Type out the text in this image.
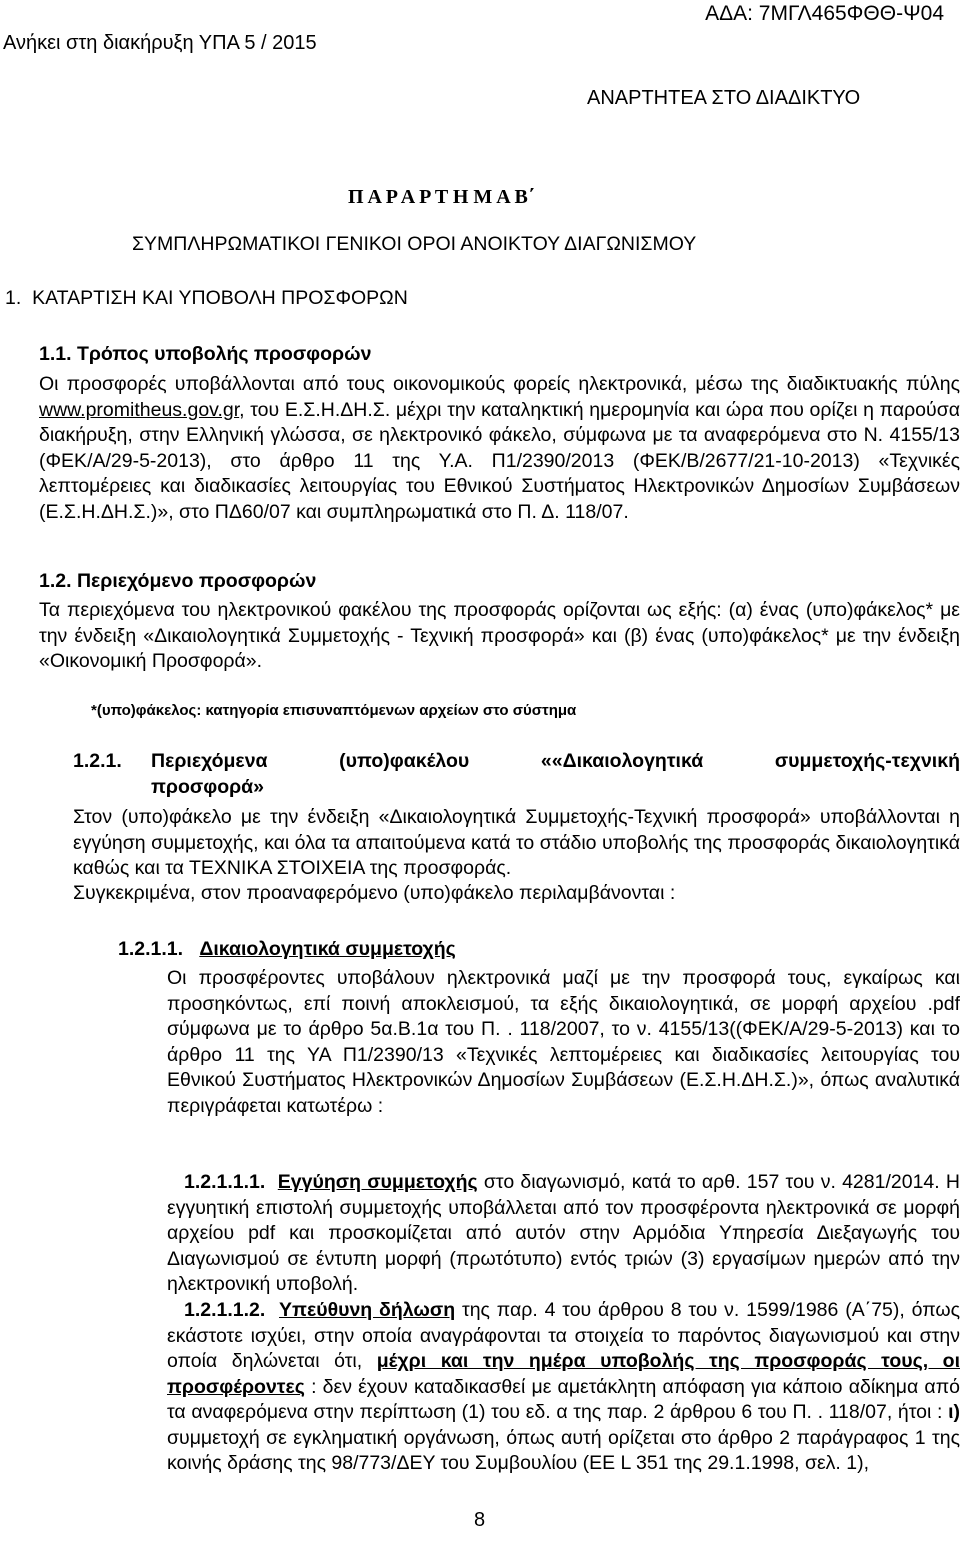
Ανήκει στη διακήρυξη ΥΠΑ 5 / 2015
ΑΔΑ: 7ΜΓΛ465ΦΘΘ-Ψ04
ΑΝΑΡΤΗΤΕΑ ΣΤΟ ΔΙΑΔΙΚΤΥΟ
Π Α Ρ Α Ρ Τ Η Μ Α Β΄
ΣΥΜΠΛΗΡΩΜΑΤΙΚΟΙ ΓΕΝΙΚΟΙ ΟΡΟΙ ΑΝΟΙΚΤΟΥ ΔΙΑΓΩΝΙΣΜΟΥ
1. ΚΑΤΑΡΤΙΣΗ ΚΑΙ ΥΠΟΒΟΛΗ ΠΡΟΣΦΟΡΩΝ
1.1. Τρόπος υποβολής προσφορών
Οι προσφορές υποβάλλονται από τους οικονομικούς φορείς ηλεκτρονικά, μέσω της διαδικτυακής πύλης www.promitheus.gov.gr, του Ε.Σ.Η.ΔΗ.Σ. μέχρι την καταληκτική ημερομηνία και ώρα που ορίζει η παρούσα διακήρυξη, στην Ελληνική γλώσσα, σε ηλεκτρονικό φάκελο, σύμφωνα με τα αναφερόμενα στο Ν. 4155/13 (ΦΕΚ/Α/29-5-2013), στο άρθρο 11 της Υ.Α. Π1/2390/2013 (ΦΕΚ/Β/2677/21-10-2013) «Τεχνικές λεπτομέρειες και διαδικασίες λειτουργίας του Εθνικού Συστήματος Ηλεκτρονικών Δημοσίων Συμβάσεων (Ε.Σ.Η.ΔΗ.Σ.)», στο ΠΔ60/07 και συμπληρωματικά στο Π. Δ. 118/07.
1.2. Περιεχόμενο προσφορών
Τα περιεχόμενα του ηλεκτρονικού φακέλου της προσφοράς ορίζονται ως εξής: (α) ένας (υπο)φάκελος* με την ένδειξη «Δικαιολογητικά Συμμετοχής - Τεχνική προσφορά» και (β) ένας (υπο)φάκελος* με την ένδειξη «Οικονομική Προσφορά».
*(υπο)φάκελος: κατηγορία επισυναπτόμενων αρχείων στο σύστημα
1.2.1. Περιεχόμενα	(υπο)φακέλου	««Δικαιολογητικά	συμμετοχής-τεχνική
προσφορά»
Στον (υπο)φάκελο με την ένδειξη «Δικαιολογητικά Συμμετοχής-Τεχνική προσφορά» υποβάλλονται η εγγύηση συμμετοχής, και όλα τα απαιτούμενα κατά το στάδιο υποβολής της προσφοράς δικαιολογητικά καθώς και τα ΤΕΧΝΙΚΑ ΣΤΟΙΧΕΙΑ της προσφοράς.
Συγκεκριμένα, στον προαναφερόμενο (υπο)φάκελο περιλαμβάνονται :
1.2.1.1. Δικαιολογητικά συμμετοχής
Οι προσφέροντες υποβάλουν ηλεκτρονικά μαζί με την προσφορά τους, εγκαίρως και προσηκόντως, επί ποινή αποκλεισμού, τα εξής δικαιολογητικά, σε μορφή αρχείου .pdf σύμφωνα με το άρθρο 5α.Β.1α του Π. . 118/2007, το ν. 4155/13((ΦΕΚ/Α/29-5-2013) και το άρθρο 11 της ΥΑ Π1/2390/13 «Τεχνικές λεπτομέρειες και διαδικασίες λειτουργίας του Εθνικού Συστήματος Ηλεκτρονικών Δημοσίων Συμβάσεων (Ε.Σ.Η.ΔΗ.Σ.)», όπως αναλυτικά περιγράφεται κατωτέρω :
1.2.1.1.1. Εγγύηση συμμετοχής στο διαγωνισμό, κατά το αρθ. 157 του ν. 4281/2014. Η εγγυητική επιστολή συμμετοχής υποβάλλεται από τον προσφέροντα ηλεκτρονικά σε μορφή αρχείου pdf και προσκομίζεται από αυτόν στην Αρμόδια Υπηρεσία Διεξαγωγής του Διαγωνισμού σε έντυπη μορφή (πρωτότυπο) εντός τριών (3) εργασίμων ημερών από την ηλεκτρονική υποβολή.
1.2.1.1.2. Υπεύθυνη δήλωση της παρ. 4 του άρθρου 8 του ν. 1599/1986 (Α΄75), όπως εκάστοτε ισχύει, στην οποία αναγράφονται τα στοιχεία το παρόντος διαγωνισμού και στην οποία δηλώνεται ότι, μέχρι και την ημέρα υποβολής της προσφοράς τους, οι προσφέροντες : δεν έχουν καταδικασθεί με αμετάκλητη απόφαση για κάποιο αδίκημα από τα αναφερόμενα στην περίπτωση (1) του εδ. α της παρ. 2 άρθρου 6 του Π. . 118/07, ήτοι : ι) συμμετοχή σε εγκληματική οργάνωση, όπως αυτή ορίζεται στο άρθρο 2 παράγραφος 1 της κοινής δράσης της 98/773/ΔΕΥ του Συμβουλίου (ΕΕ L 351 της 29.1.1998, σελ. 1),
8
